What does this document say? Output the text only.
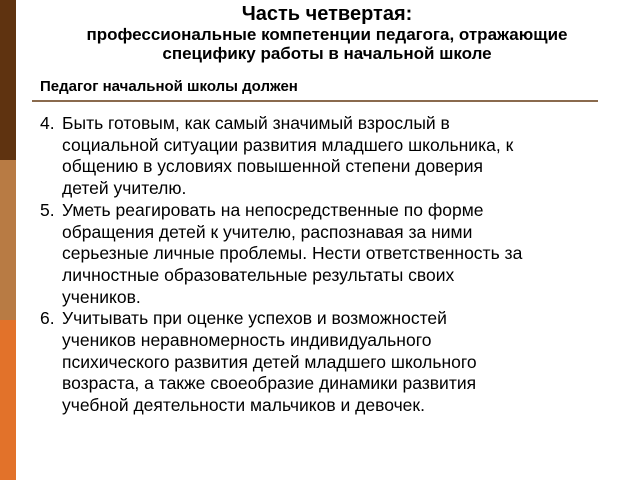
Часть четвертая:
профессиональные компетенции педагога, отражающие
специфику работы в начальной школе
Педагог начальной школы должен
4. Быть готовым, как самый значимый взрослый в
социальной ситуации развития младшего школьника, к
общению в условиях повышенной степени доверия
детей учителю.
5. Уметь реагировать на непосредственные по форме
обращения детей к учителю, распознавая за ними
серьезные личные проблемы. Нести ответственность за
личностные образовательные результаты своих
учеников.
6. Учитывать при оценке успехов и возможностей
учеников неравномерность индивидуального
психического развития детей младшего школьного
возраста, а также своеобразие динамики развития
учебной деятельности мальчиков и девочек.
